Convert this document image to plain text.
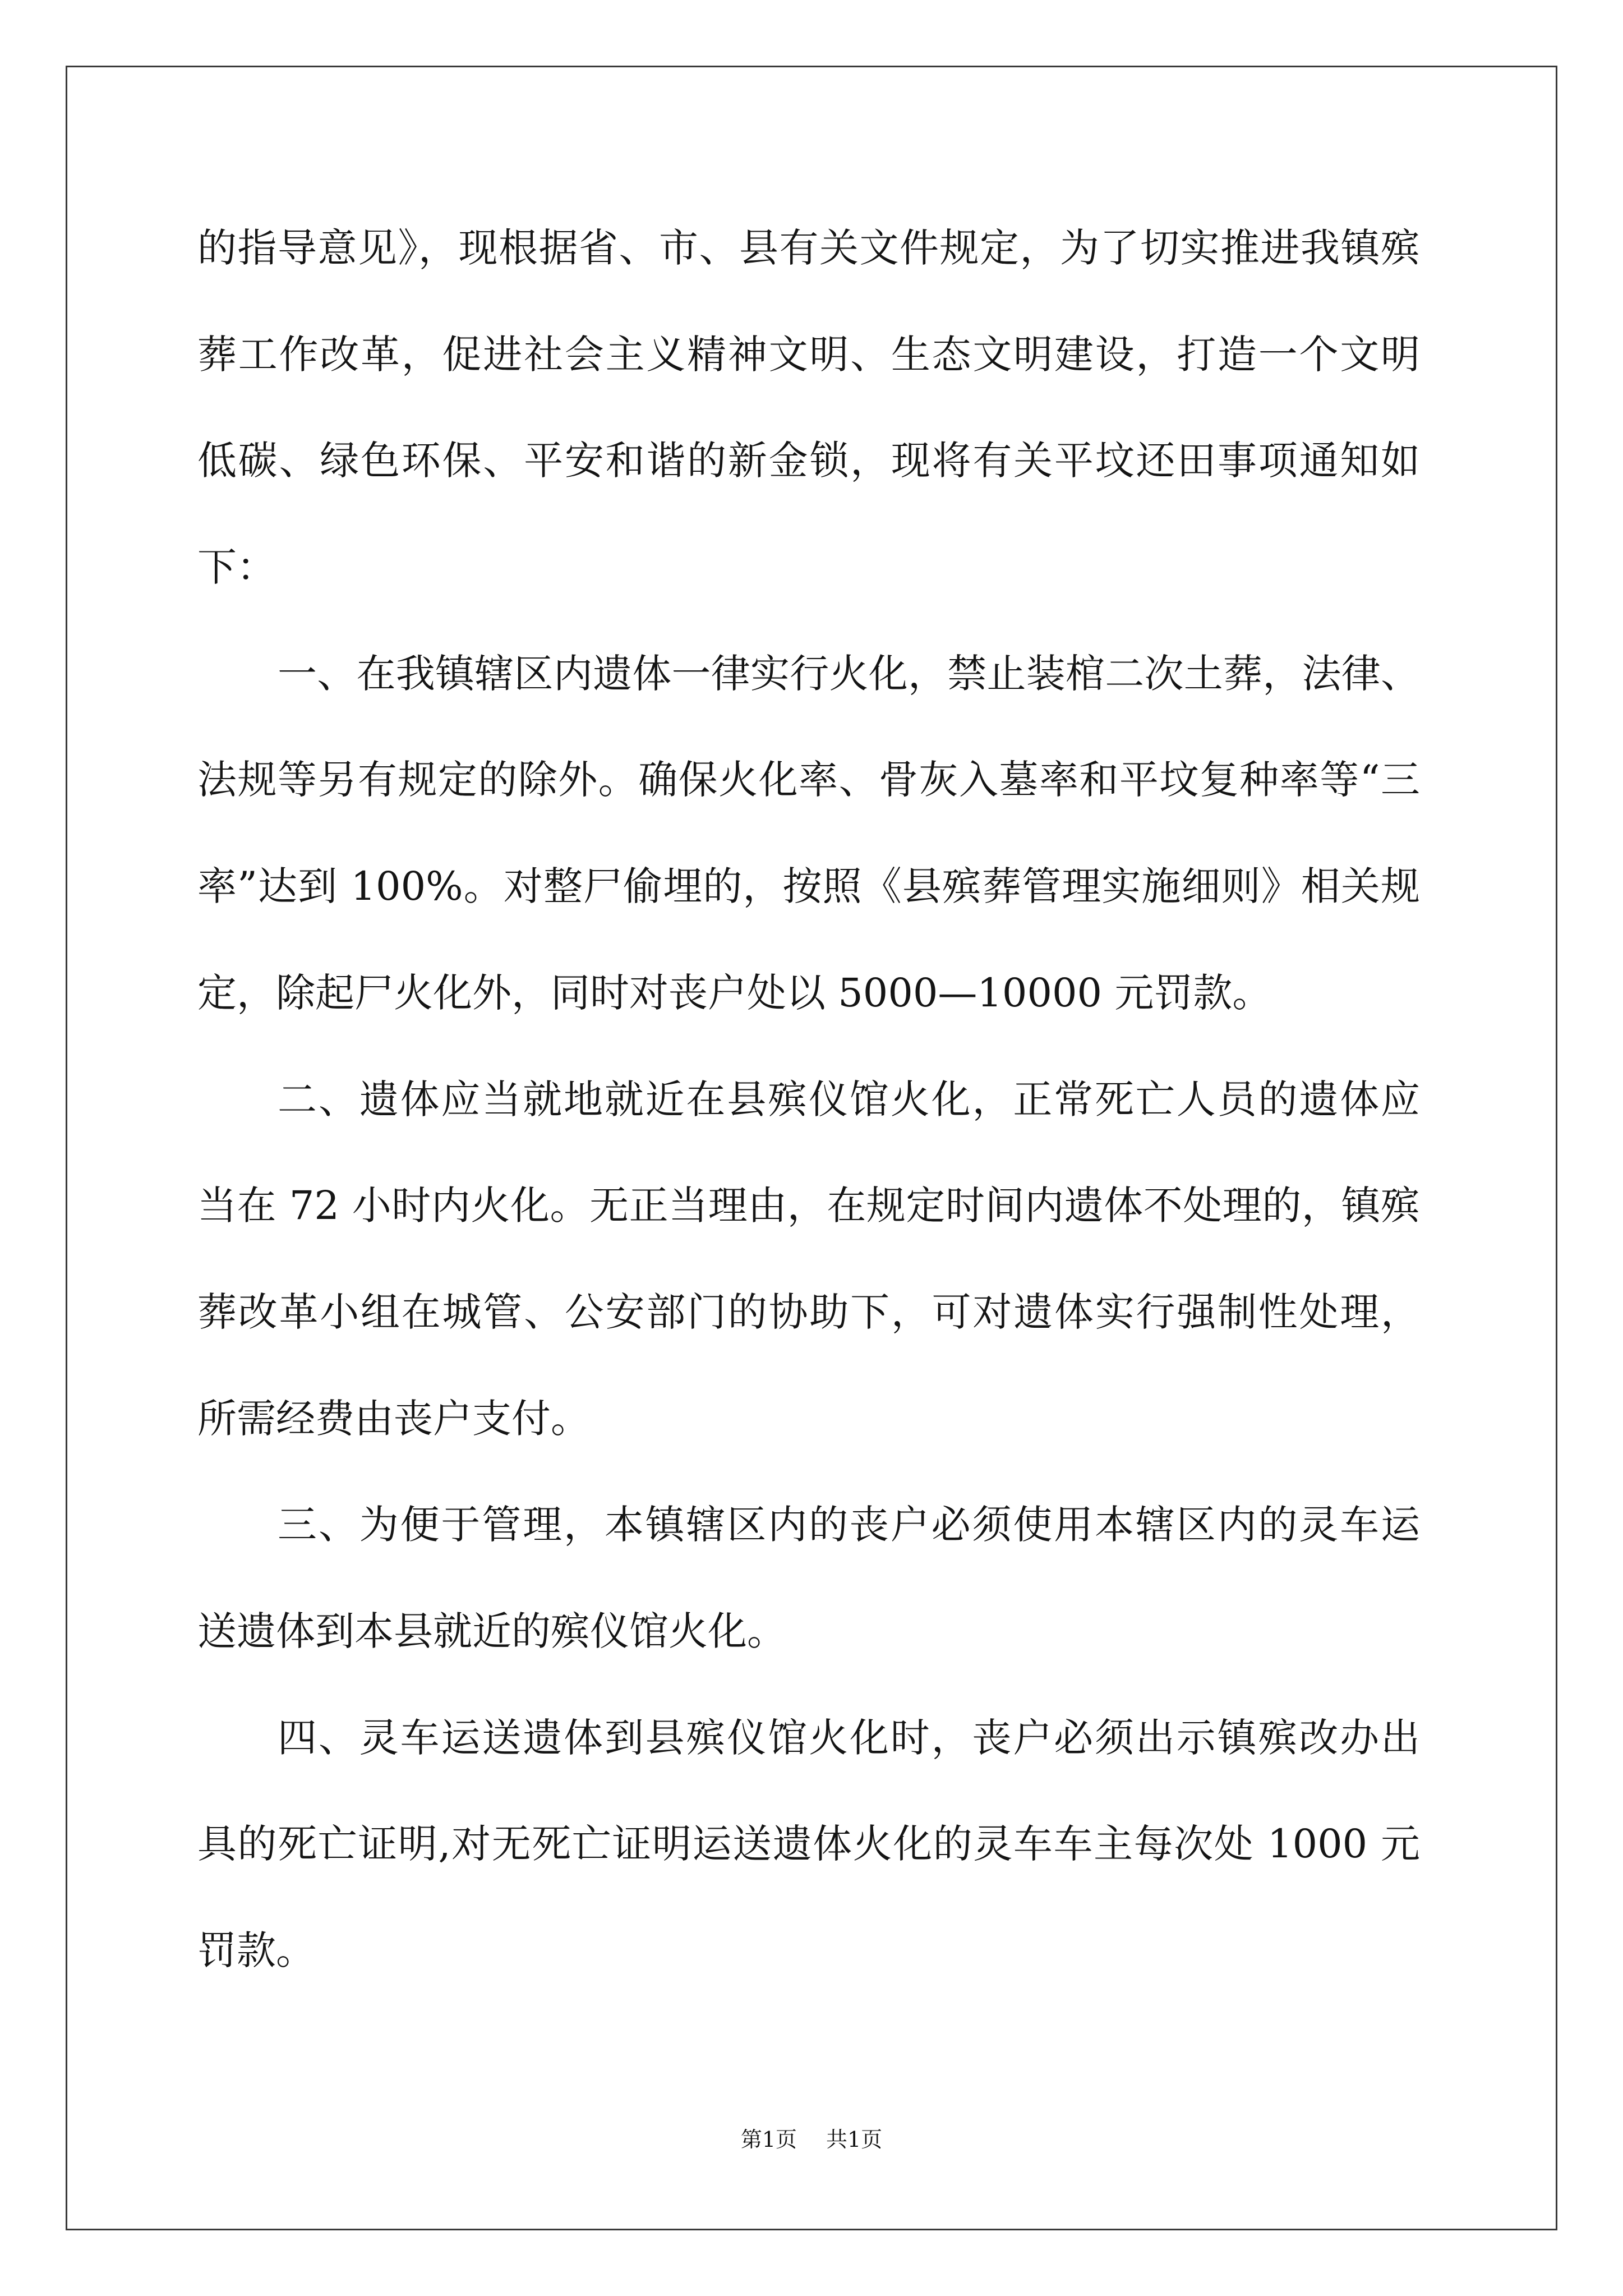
的指导意见》，现根据省、市、县有关文件规定，为了切实推进我镇殡
葬工作改革，促进社会主义精神文明、生态文明建设，打造一个文明
低碳、绿色环保、平安和谐的新金锁，现将有关平坟还田事项通知如
下：
一、在我镇辖区内遗体一律实行火化，禁止装棺二次土葬，法律、
法规等另有规定的除外。确保火化率、骨灰入墓率和平坟复种率等“三
率”达到 100%。对整尸偷埋的，按照《县殡葬管理实施细则》相关规
定，除起尸火化外，同时对丧户处以 5000—10000 元罚款。
二、遗体应当就地就近在县殡仪馆火化，正常死亡人员的遗体应
当在 72 小时内火化。无正当理由，在规定时间内遗体不处理的，镇殡
葬改革小组在城管、公安部门的协助下，可对遗体实行强制性处理，
所需经费由丧户支付。
三、为便于管理，本镇辖区内的丧户必须使用本辖区内的灵车运
送遗体到本县就近的殡仪馆火化。
四、灵车运送遗体到县殡仪馆火化时，丧户必须出示镇殡改办出
具的死亡证明,对无死亡证明运送遗体火化的灵车车主每次处 1000 元
罚款。
第1页 共1页
